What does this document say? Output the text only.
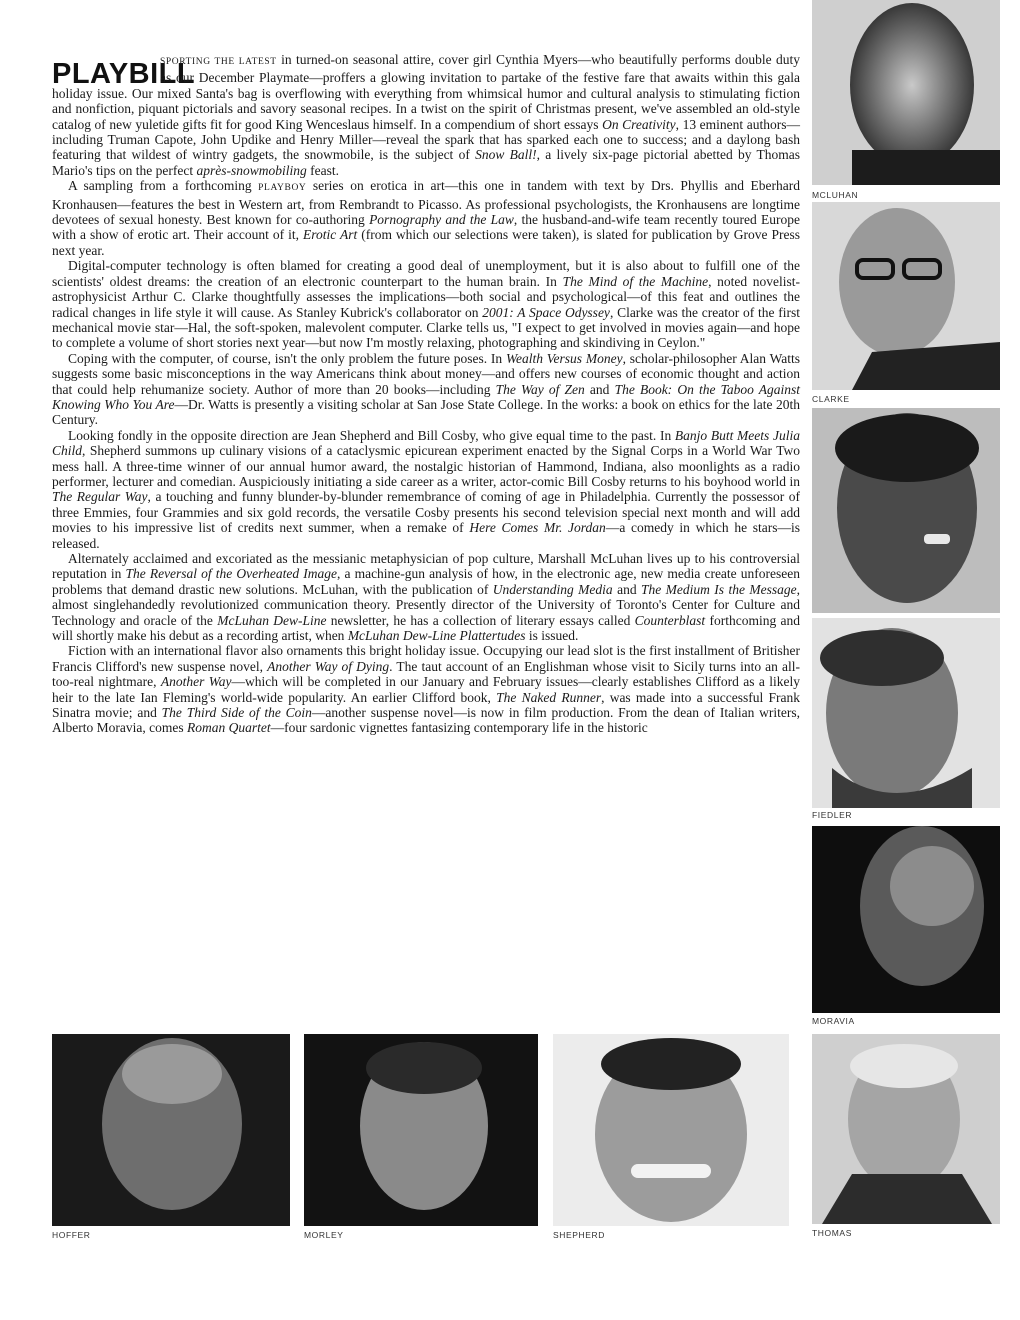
PLAYBILL

SPORTING THE LATEST in turned-on seasonal attire, cover girl Cynthia Myers—who beautifully performs double duty as our December Playmate—proffers a glowing invitation to partake of the festive fare that awaits within this gala holiday issue. Our mixed Santa's bag is overflowing with everything from whimsical humor and cultural analysis to stimulating fiction and nonfiction, piquant pictorials and savory seasonal recipes. In a twist on the spirit of Christmas present, we've assembled an old-style catalog of new yuletide gifts fit for good King Wenceslaus himself. In a compendium of short essays On Creativity, 13 eminent authors—including Truman Capote, John Updike and Henry Miller—reveal the spark that has sparked each one to success; and a daylong bash featuring that wildest of wintry gadgets, the snowmobile, is the subject of Snow Ball!, a lively six-page pictorial abetted by Thomas Mario's tips on the perfect après-snowmobiling feast.

A sampling from a forthcoming PLAYBOY series on erotica in art—this one in tandem with text by Drs. Phyllis and Eberhard Kronhausen—features the best in Western art, from Rembrandt to Picasso. As professional psychologists, the Kronhausens are longtime devotees of sexual honesty. Best known for co-authoring Pornography and the Law, the husband-and-wife team recently toured Europe with a show of erotic art. Their account of it, Erotic Art (from which our selections were taken), is slated for publication by Grove Press next year.

Digital-computer technology is often blamed for creating a good deal of unemployment, but it is also about to fulfill one of the scientists' oldest dreams: the creation of an electronic counterpart to the human brain. In The Mind of the Machine, noted novelist-astrophysicist Arthur C. Clarke thoughtfully assesses the implications—both social and psychological—of this feat and outlines the radical changes in life style it will cause. As Stanley Kubrick's collaborator on 2001: A Space Odyssey, Clarke was the creator of the first mechanical movie star—Hal, the soft-spoken, malevolent computer. Clarke tells us, "I expect to get involved in movies again—and hope to complete a volume of short stories next year—but now I'm mostly relaxing, photographing and skindiving in Ceylon."

Coping with the computer, of course, isn't the only problem the future poses. In Wealth Versus Money, scholar-philosopher Alan Watts suggests some basic misconceptions in the way Americans think about money—and offers new courses of economic thought and action that could help rehumanize society. Author of more than 20 books—including The Way of Zen and The Book: On the Taboo Against Knowing Who You Are—Dr. Watts is presently a visiting scholar at San Jose State College. In the works: a book on ethics for the late 20th Century.

Looking fondly in the opposite direction are Jean Shepherd and Bill Cosby, who give equal time to the past. In Banjo Butt Meets Julia Child, Shepherd summons up culinary visions of a cataclysmic epicurean experiment enacted by the Signal Corps in a World War Two mess hall. A three-time winner of our annual humor award, the nostalgic historian of Hammond, Indiana, also moonlights as a radio performer, lecturer and comedian. Auspiciously initiating a side career as a writer, actor-comic Bill Cosby returns to his boyhood world in The Regular Way, a touching and funny blunder-by-blunder remembrance of coming of age in Philadelphia. Currently the possessor of three Emmies, four Grammies and six gold records, the versatile Cosby presents his second television special next month and will add movies to his impressive list of credits next summer, when a remake of Here Comes Mr. Jordan—a comedy in which he stars—is released.

Alternately acclaimed and excoriated as the messianic metaphysician of pop culture, Marshall McLuhan lives up to his controversial reputation in The Reversal of the Overheated Image, a machine-gun analysis of how, in the electronic age, new media create unforeseen problems that demand drastic new solutions. McLuhan, with the publication of Understanding Media and The Medium Is the Message, almost singlehandedly revolutionized communication theory. Presently director of the University of Toronto's Center for Culture and Technology and oracle of the McLuhan Dew-Line newsletter, he has a collection of literary essays called Counterblast forthcoming and will shortly make his debut as a recording artist, when McLuhan Dew-Line Plattertudes is issued.

Fiction with an international flavor also ornaments this bright holiday issue. Occupying our lead slot is the first installment of Britisher Francis Clifford's new suspense novel, Another Way of Dying. The taut account of an Englishman whose visit to Sicily turns into an all-too-real nightmare, Another Way—which will be completed in our January and February issues—clearly establishes Clifford as a likely heir to the late Ian Fleming's world-wide popularity. An earlier Clifford book, The Naked Runner, was made into a successful Frank Sinatra movie; and The Third Side of the Coin—another suspense novel—is now in film production. From the dean of Italian writers, Alberto Moravia, comes Roman Quartet—four sardonic vignettes fantasizing contemporary life in the historic

MCLUHAN
CLARKE
FIEDLER
MORAVIA
THOMAS
HOFFER	MORLEY	SHEPHERD
